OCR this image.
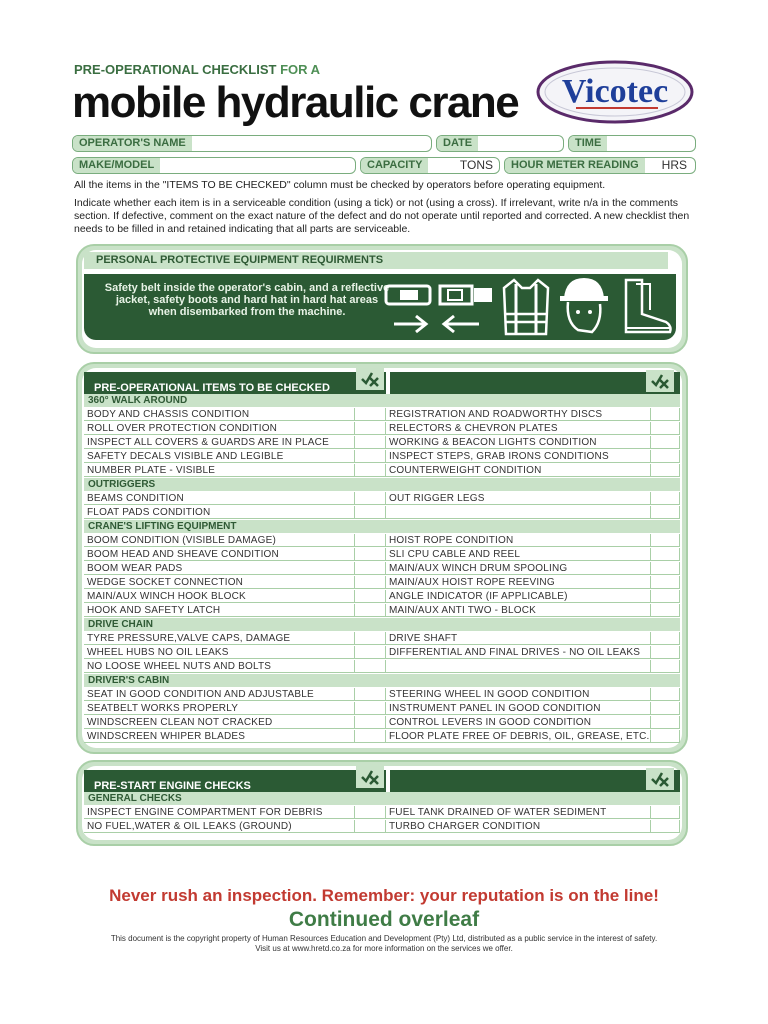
PRE-OPERATIONAL CHECKLIST FOR A
mobile hydraulic crane Vicotec
OPERATOR'S NAME	DATE	TIME
MAKE/MODEL	CAPACITY	TONS	HOUR METER READING	HRS
All the items in the "ITEMS TO BE CHECKED" column must be checked by operators before operating equipment.
Indicate whether each item is in a serviceable condition (using a tick) or not (using a cross). If irrelevant, write n/a in the comments section. If defective, comment on the exact nature of the defect and do not operate until reported and corrected. A new checklist then needs to be filled in and retained indicating that all parts are serviceable.
PERSONAL PROTECTIVE EQUIPMENT REQUIRMENTS
Safety belt inside the operator's cabin, and a reflective jacket, safety boots and hard hat in hard hat areas when disembarked from the machine.
PRE-OPERATIONAL ITEMS TO BE CHECKED
360° WALK AROUND
BODY AND CHASSIS CONDITION	REGISTRATION AND ROADWORTHY DISCS
ROLL OVER PROTECTION CONDITION	RELECTORS & CHEVRON PLATES
INSPECT ALL COVERS & GUARDS ARE IN PLACE	WORKING & BEACON LIGHTS CONDITION
SAFETY DECALS VISIBLE AND LEGIBLE	INSPECT STEPS, GRAB IRONS CONDITIONS
NUMBER PLATE - VISIBLE	COUNTERWEIGHT CONDITION
OUTRIGGERS
BEAMS CONDITION	OUT RIGGER LEGS
FLOAT PADS CONDITION
CRANE'S LIFTING EQUIPMENT
BOOM CONDITION (VISIBLE DAMAGE)	HOIST ROPE CONDITION
BOOM HEAD AND SHEAVE CONDITION	SLI CPU CABLE AND REEL
BOOM WEAR PADS	MAIN/AUX WINCH DRUM SPOOLING
WEDGE SOCKET CONNECTION	MAIN/AUX HOIST ROPE REEVING
MAIN/AUX WINCH HOOK BLOCK	ANGLE INDICATOR (IF APPLICABLE)
HOOK AND SAFETY LATCH	MAIN/AUX ANTI TWO - BLOCK
DRIVE CHAIN
TYRE PRESSURE,VALVE CAPS, DAMAGE	DRIVE SHAFT
WHEEL HUBS NO OIL LEAKS	DIFFERENTIAL AND FINAL DRIVES - NO OIL LEAKS
NO LOOSE WHEEL NUTS AND BOLTS
DRIVER'S CABIN
SEAT IN GOOD CONDITION AND ADJUSTABLE	STEERING WHEEL IN GOOD CONDITION
SEATBELT WORKS PROPERLY	INSTRUMENT PANEL IN GOOD CONDITION
WINDSCREEN CLEAN NOT CRACKED	CONTROL LEVERS IN GOOD CONDITION
WINDSCREEN WHIPER BLADES	FLOOR PLATE FREE OF DEBRIS, OIL, GREASE, ETC.
PRE-START ENGINE CHECKS
GENERAL CHECKS
INSPECT ENGINE COMPARTMENT FOR DEBRIS	FUEL TANK DRAINED OF WATER SEDIMENT
NO FUEL,WATER & OIL LEAKS (GROUND)	TURBO CHARGER CONDITION
Never rush an inspection. Remember: your reputation is on the line!
Continued overleaf
This document is the copyright property of Human Resources Education and Development (Pty) Ltd, distributed as a public service in the interest of safety.
Visit us at www.hretd.co.za for more information on the services we offer.
